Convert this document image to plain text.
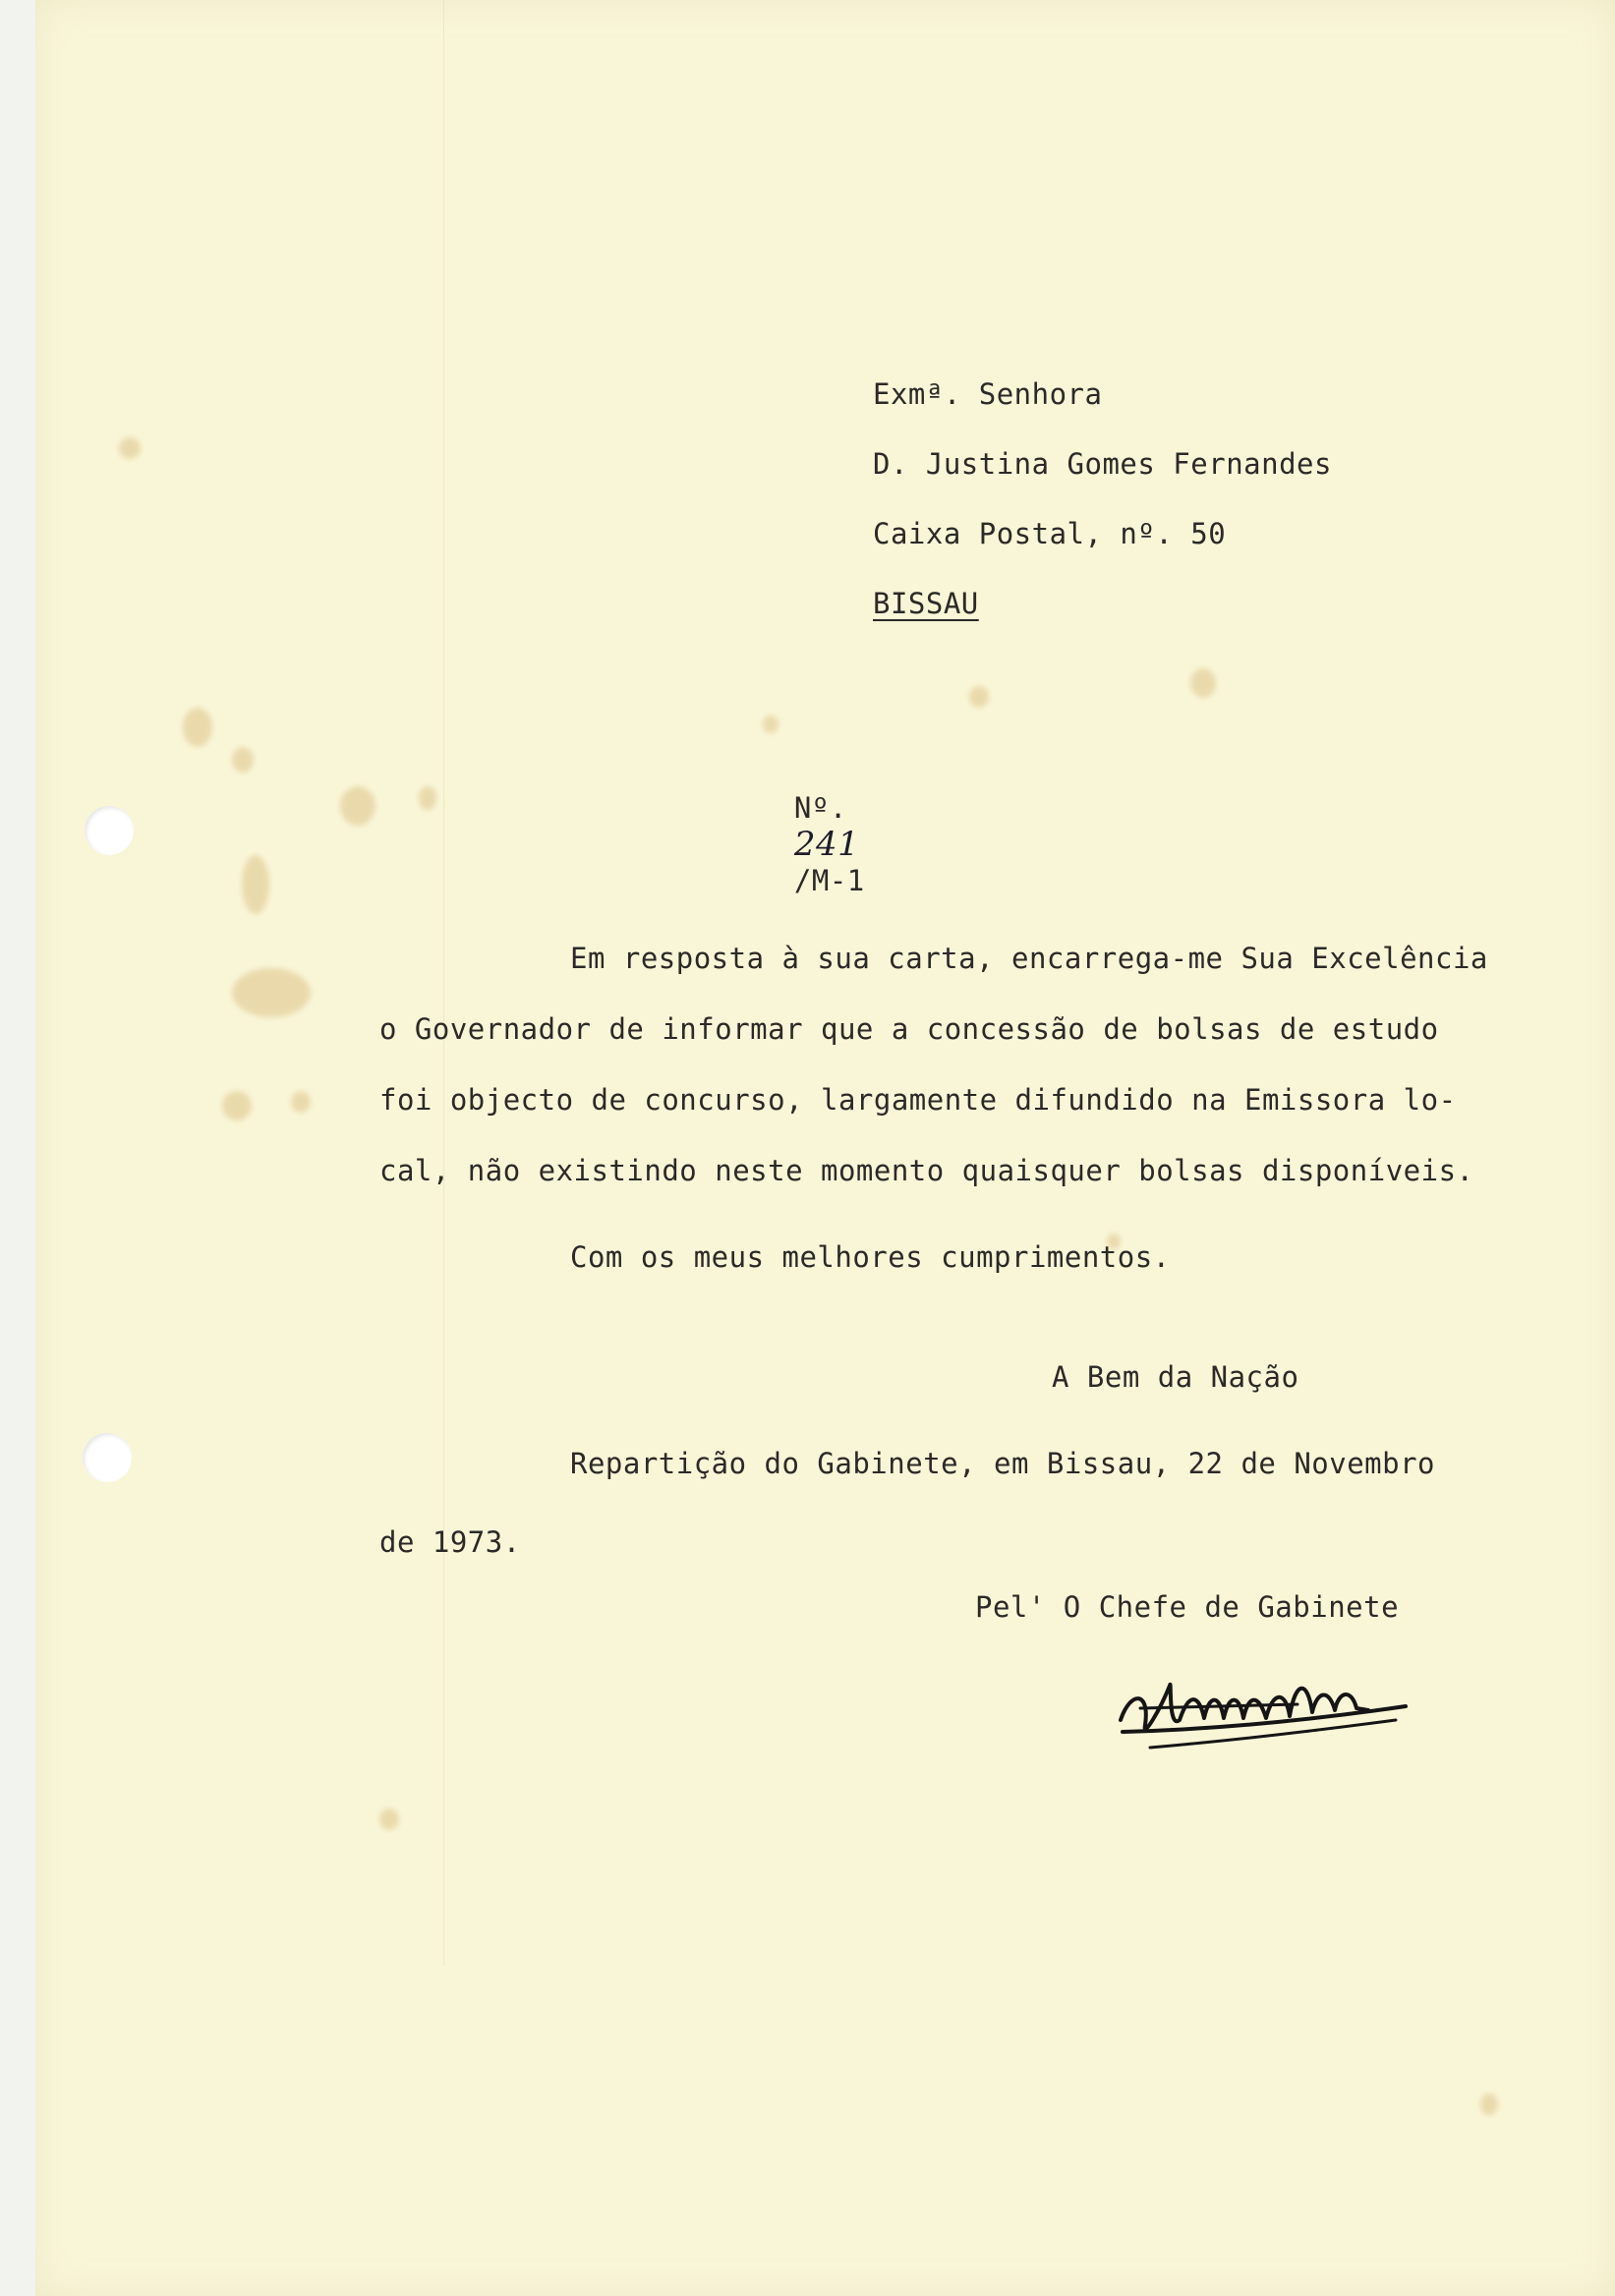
Exmª. Senhora
D. Justina Gomes Fernandes
Caixa Postal, nº. 50
BISSAU

Nº.
241
/M-1

Em resposta à sua carta, encarrega-me Sua Excelência
o Governador de informar que a concessão de bolsas de estudo
foi objecto de concurso, largamente difundido na Emissora lo-
cal, não existindo neste momento quaisquer bolsas disponíveis.
Com os meus melhores cumprimentos.
A Bem da Nação
Repartição do Gabinete, em Bissau, 22 de Novembro
de 1973.
Pel' O Chefe de Gabinete
